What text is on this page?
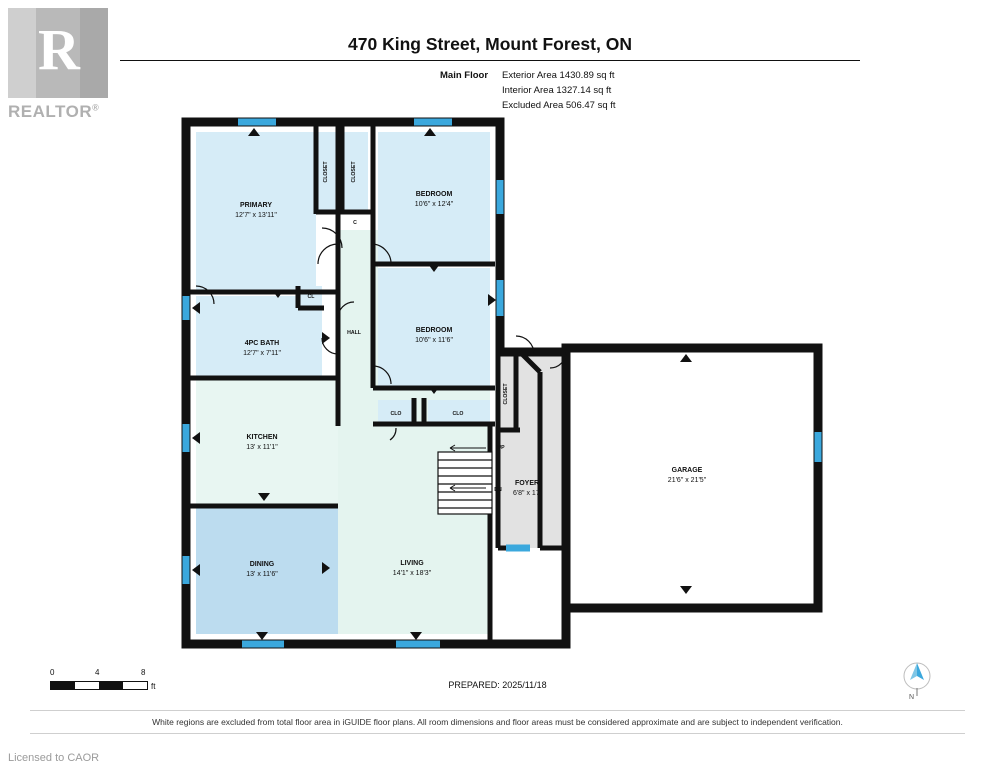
R
REALTOR®
470 King Street, Mount Forest, ON
Main Floor Exterior Area 1430.89 sq ft
Interior Area 1327.14 sq ft
Excluded Area 506.47 sq ft
PRIMARY
12'7" x 13'11"
BEDROOM
10'6" x 12'4"
BEDROOM
10'6" x 11'6"
4PC BATH
12'7" x 7'11"
KITCHEN
13' x 11'1"
DINING
13' x 11'6"
LIVING
14'1" x 18'3"
FOYER
6'8" x 17'
GARAGE
21'6" x 21'5"
CLOSET	CLOSET
CLOSET
C
CL
CLO	CLO
HALL
UP
DN
0	4	8
ft	PREPARED: 2025/11/18
N
White regions are excluded from total floor area in iGUIDE floor plans. All room dimensions and floor areas must be considered approximate and are subject to independent verification.
Licensed to CAOR
